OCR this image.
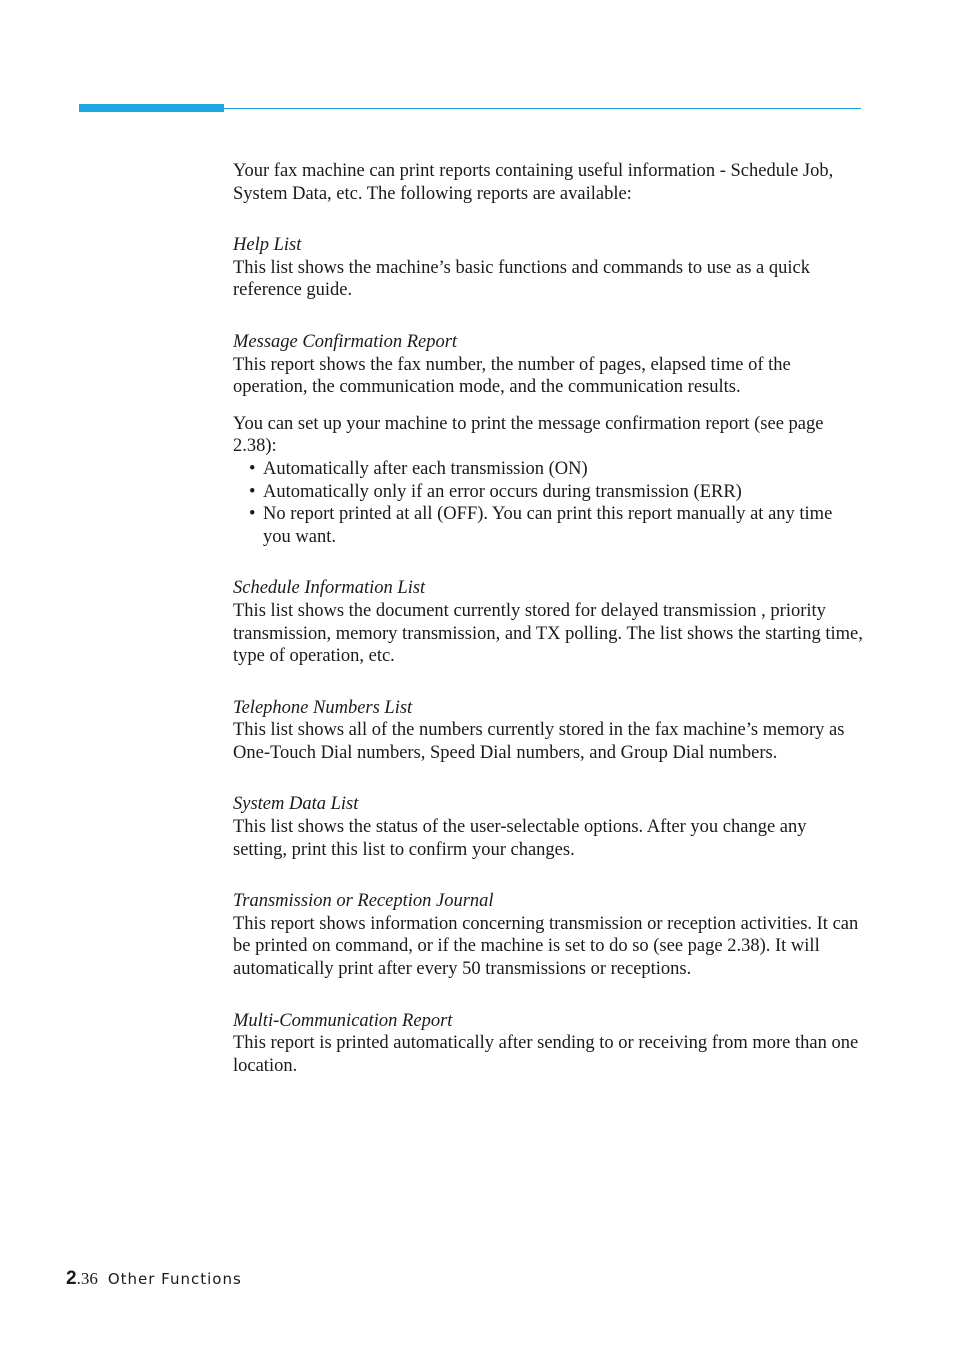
Your fax machine can print reports containing useful information - Schedule Job, System Data, etc. The following reports are available:

Help List

This list shows the machine’s basic functions and commands to use as a quick reference guide.

Message Confirmation Report

This report shows the fax number, the number of pages, elapsed time of the operation, the communication mode, and the communication results.

You can set up your machine to print the message confirmation report (see page 2.38):

• Automatically after each transmission (ON)
• Automatically only if an error occurs during transmission (ERR)
• No report printed at all (OFF). You can print this report manually at any time you want.

Schedule Information List

This list shows the document currently stored for delayed transmission , priority transmission, memory transmission, and TX polling. The list shows the starting time, type of operation, etc.

Telephone Numbers List

This list shows all of the numbers currently stored in the fax machine’s memory as One-Touch Dial numbers, Speed Dial numbers, and Group Dial numbers.

System Data List

This list shows the status of the user-selectable options. After you change any setting, print this list to confirm your changes.

Transmission or Reception Journal

This report shows information concerning transmission or reception activities. It can be printed on command, or if the machine is set to do so (see page 2.38). It will automatically print after every 50 transmissions or receptions.

Multi-Communication Report

This report is printed automatically after sending to or receiving from more than one location.

2.36 Other Functions
